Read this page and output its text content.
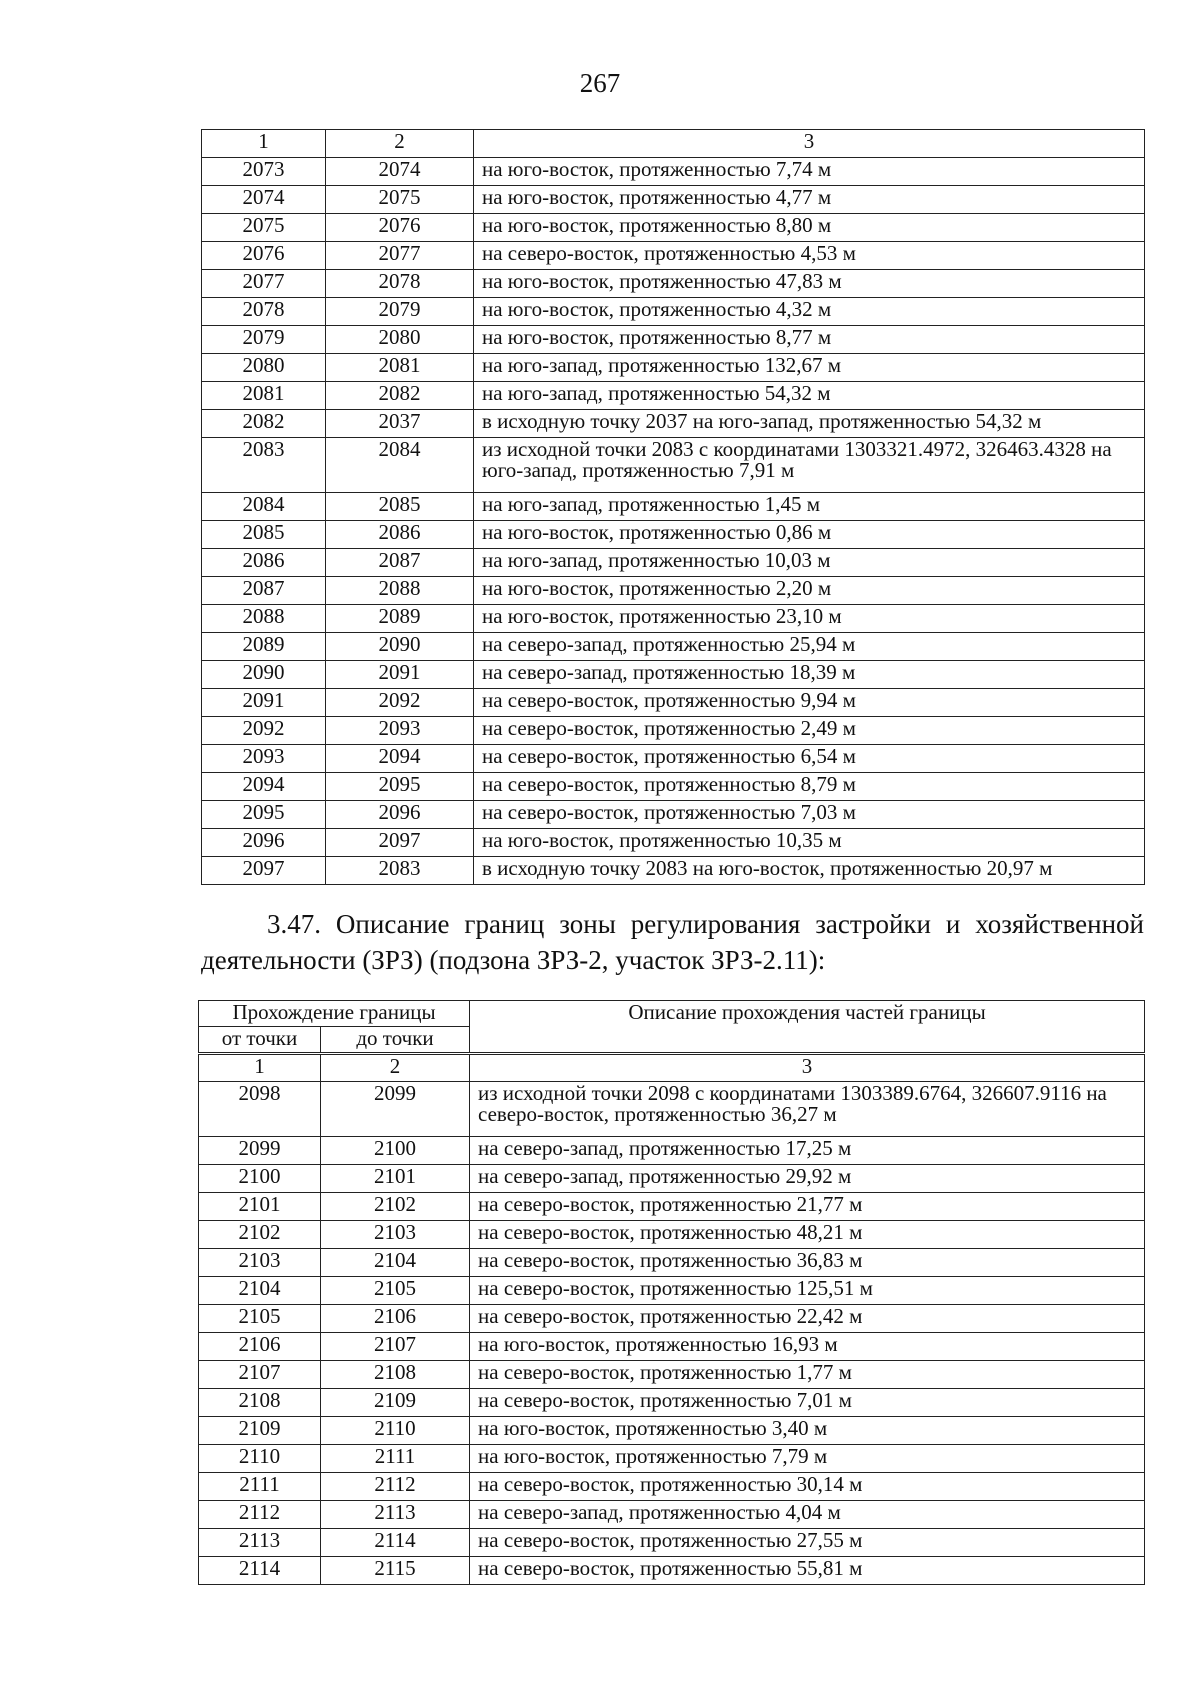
267
1	2	3
2073	2074	на юго-восток, протяженностью 7,74 м
2074	2075	на юго-восток, протяженностью 4,77 м
2075	2076	на юго-восток, протяженностью 8,80 м
2076	2077	на северо-восток, протяженностью 4,53 м
2077	2078	на юго-восток, протяженностью 47,83 м
2078	2079	на юго-восток, протяженностью 4,32 м
2079	2080	на юго-восток, протяженностью 8,77 м
2080	2081	на юго-запад, протяженностью 132,67 м
2081	2082	на юго-запад, протяженностью 54,32 м
2082	2037	в исходную точку 2037 на юго-запад, протяженностью 54,32 м
2083	2084	из исходной точки 2083 с координатами 1303321.4972, 326463.4328 на юго-запад, протяженностью 7,91 м
2084	2085	на юго-запад, протяженностью 1,45 м
2085	2086	на юго-восток, протяженностью 0,86 м
2086	2087	на юго-запад, протяженностью 10,03 м
2087	2088	на юго-восток, протяженностью 2,20 м
2088	2089	на юго-восток, протяженностью 23,10 м
2089	2090	на северо-запад, протяженностью 25,94 м
2090	2091	на северо-запад, протяженностью 18,39 м
2091	2092	на северо-восток, протяженностью 9,94 м
2092	2093	на северо-восток, протяженностью 2,49 м
2093	2094	на северо-восток, протяженностью 6,54 м
2094	2095	на северо-восток, протяженностью 8,79 м
2095	2096	на северо-восток, протяженностью 7,03 м
2096	2097	на юго-восток, протяженностью 10,35 м
2097	2083	в исходную точку 2083 на юго-восток, протяженностью 20,97 м
3.47. Описание границ зоны регулирования застройки и хозяйственной деятельности (ЗРЗ) (подзона ЗРЗ-2, участок ЗРЗ-2.11):
Прохождение границы		Описание прохождения частей границы
от точки	до точки	
1	2	3
2098	2099	из исходной точки 2098 с координатами 1303389.6764, 326607.9116 на северо-восток, протяженностью 36,27 м
2099	2100	на северо-запад, протяженностью 17,25 м
2100	2101	на северо-запад, протяженностью 29,92 м
2101	2102	на северо-восток, протяженностью 21,77 м
2102	2103	на северо-восток, протяженностью 48,21 м
2103	2104	на северо-восток, протяженностью 36,83 м
2104	2105	на северо-восток, протяженностью 125,51 м
2105	2106	на северо-восток, протяженностью 22,42 м
2106	2107	на юго-восток, протяженностью 16,93 м
2107	2108	на северо-восток, протяженностью 1,77 м
2108	2109	на северо-восток, протяженностью 7,01 м
2109	2110	на юго-восток, протяженностью 3,40 м
2110	2111	на юго-восток, протяженностью 7,79 м
2111	2112	на северо-восток, протяженностью 30,14 м
2112	2113	на северо-запад, протяженностью 4,04 м
2113	2114	на северо-восток, протяженностью 27,55 м
2114	2115	на северо-восток, протяженностью 55,81 м
